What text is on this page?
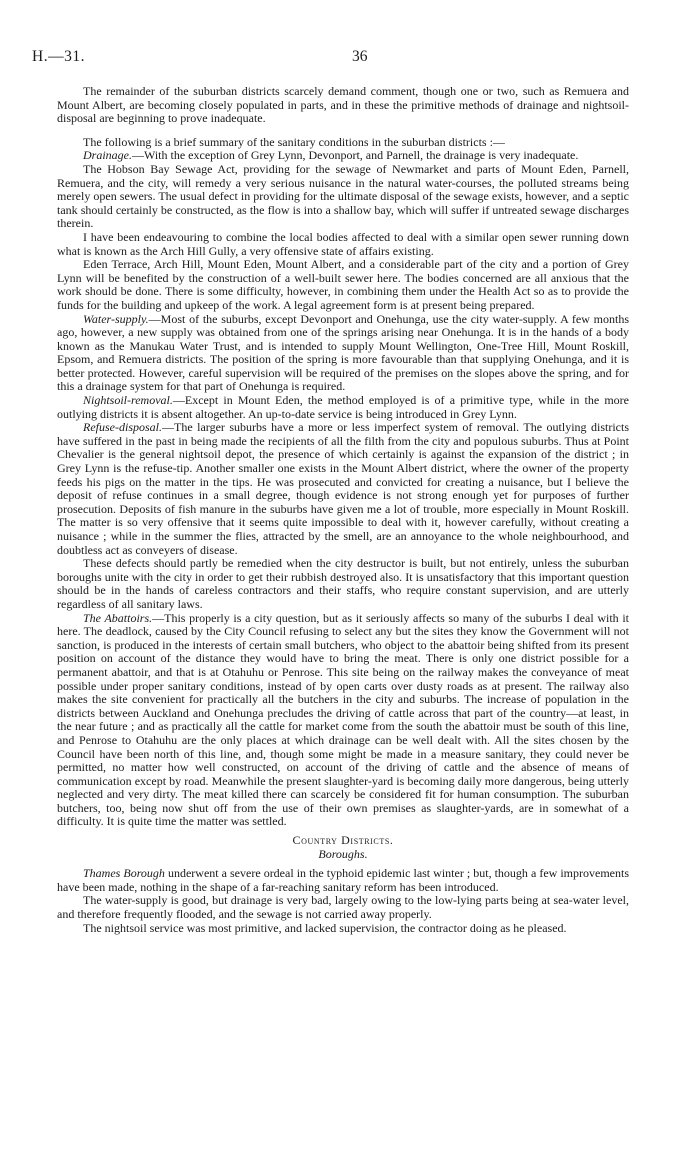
H.—31.	36

The remainder of the suburban districts scarcely demand comment, though one or two, such as Remuera and Mount Albert, are becoming closely populated in parts, and in these the primitive methods of drainage and nightsoil-disposal are beginning to prove inadequate.

The following is a brief summary of the sanitary conditions in the suburban districts :—

Drainage.—With the exception of Grey Lynn, Devonport, and Parnell, the drainage is very inadequate.

The Hobson Bay Sewage Act, providing for the sewage of Newmarket and parts of Mount Eden, Parnell, Remuera, and the city, will remedy a very serious nuisance in the natural water-courses, the polluted streams being merely open sewers. The usual defect in providing for the ultimate disposal of the sewage exists, however, and a septic tank should certainly be constructed, as the flow is into a shallow bay, which will suffer if untreated sewage discharges therein.

I have been endeavouring to combine the local bodies affected to deal with a similar open sewer running down what is known as the Arch Hill Gully, a very offensive state of affairs existing.

Eden Terrace, Arch Hill, Mount Eden, Mount Albert, and a considerable part of the city and a portion of Grey Lynn will be benefited by the construction of a well-built sewer here. The bodies concerned are all anxious that the work should be done. There is some difficulty, however, in combining them under the Health Act so as to provide the funds for the building and upkeep of the work. A legal agreement form is at present being prepared.

Water-supply.—Most of the suburbs, except Devonport and Onehunga, use the city water-supply. A few months ago, however, a new supply was obtained from one of the springs arising near Onehunga. It is in the hands of a body known as the Manukau Water Trust, and is intended to supply Mount Wellington, One-Tree Hill, Mount Roskill, Epsom, and Remuera districts. The position of the spring is more favourable than that supplying Onehunga, and it is better protected. However, careful supervision will be required of the premises on the slopes above the spring, and for this a drainage system for that part of Onehunga is required.

Nightsoil-removal.—Except in Mount Eden, the method employed is of a primitive type, while in the more outlying districts it is absent altogether. An up-to-date service is being introduced in Grey Lynn.

Refuse-disposal.—The larger suburbs have a more or less imperfect system of removal. The outlying districts have suffered in the past in being made the recipients of all the filth from the city and populous suburbs. Thus at Point Chevalier is the general nightsoil depot, the presence of which certainly is against the expansion of the district ; in Grey Lynn is the refuse-tip. Another smaller one exists in the Mount Albert district, where the owner of the property feeds his pigs on the matter in the tips. He was prosecuted and convicted for creating a nuisance, but I believe the deposit of refuse continues in a small degree, though evidence is not strong enough yet for purposes of further prosecution. Deposits of fish manure in the suburbs have given me a lot of trouble, more especially in Mount Roskill. The matter is so very offensive that it seems quite impossible to deal with it, however carefully, without creating a nuisance ; while in the summer the flies, attracted by the smell, are an annoyance to the whole neighbourhood, and doubtless act as conveyers of disease.

These defects should partly be remedied when the city destructor is built, but not entirely, unless the suburban boroughs unite with the city in order to get their rubbish destroyed also. It is unsatisfactory that this important question should be in the hands of careless contractors and their staffs, who require constant supervision, and are utterly regardless of all sanitary laws.

The Abattoirs.—This properly is a city question, but as it seriously affects so many of the suburbs I deal with it here. The deadlock, caused by the City Council refusing to select any but the sites they know the Government will not sanction, is produced in the interests of certain small butchers, who object to the abattoir being shifted from its present position on account of the distance they would have to bring the meat. There is only one district possible for a permanent abattoir, and that is at Otahuhu or Penrose. This site being on the railway makes the conveyance of meat possible under proper sanitary conditions, instead of by open carts over dusty roads as at present. The railway also makes the site convenient for practically all the butchers in the city and suburbs. The increase of population in the districts between Auckland and Onehunga precludes the driving of cattle across that part of the country—at least, in the near future ; and as practically all the cattle for market come from the south the abattoir must be south of this line, and Penrose to Otahuhu are the only places at which drainage can be well dealt with. All the sites chosen by the Council have been north of this line, and, though some might be made in a measure sanitary, they could never be permitted, no matter how well constructed, on account of the driving of cattle and the absence of means of communication except by road. Meanwhile the present slaughter-yard is becoming daily more dangerous, being utterly neglected and very dirty. The meat killed there can scarcely be considered fit for human consumption. The suburban butchers, too, being now shut off from the use of their own premises as slaughter-yards, are in somewhat of a difficulty. It is quite time the matter was settled.

Country Districts.

Boroughs.

Thames Borough underwent a severe ordeal in the typhoid epidemic last winter ; but, though a few improvements have been made, nothing in the shape of a far-reaching sanitary reform has been introduced.

The water-supply is good, but drainage is very bad, largely owing to the low-lying parts being at sea-water level, and therefore frequently flooded, and the sewage is not carried away properly.

The nightsoil service was most primitive, and lacked supervision, the contractor doing as he pleased.
